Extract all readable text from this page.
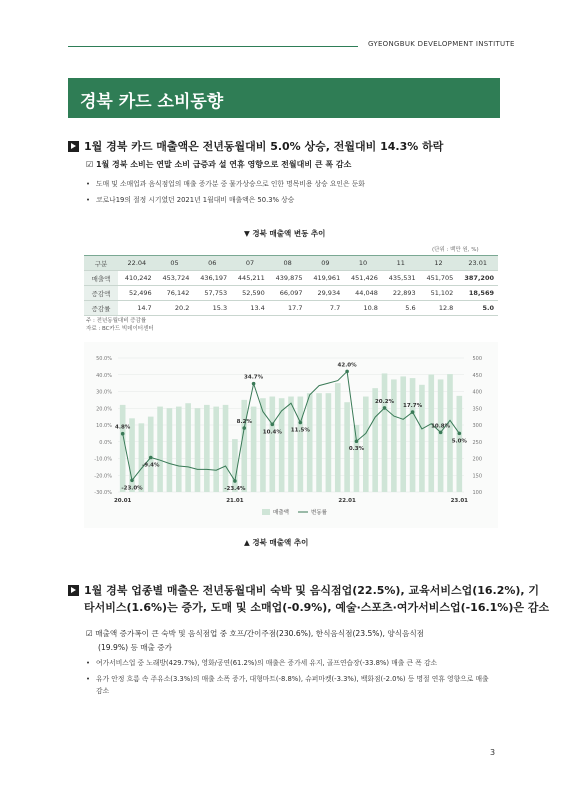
GYEONGBUK DEVELOPMENT INSTITUTE
경북 카드 소비동향
1월 경북 카드 매출액은 전년동월대비 5.0% 상승, 전월대비 14.3% 하락
☑ 1월 경북 소비는 연말 소비 급증과 설 연휴 영향으로 전월대비 큰 폭 감소
• 도매 및 소매업과 음식점업의 매출 증가분 중 물가상승으로 인한 명목비용 상승 요인은 둔화
• 코로나19의 절정 시기였던 2021년 1월대비 매출액은 50.3% 상승
▼ 경북 매출액 변동 추이
(단위 : 백만 원, %)
구분	22.04	05	06	07	08	09	10	11	12	23.01
매출액	410,242	453,724	436,197	445,211	439,875	419,961	451,426	435,531	451,705	387,200
증감액	52,496	76,142	57,753	52,590	66,097	29,934	44,048	22,893	51,102	18,569
증감률	14.7	20.2	15.3	13.4	17.7	7.7	10.8	5.6	12.8	5.0
주 : 전년동월대비 증감률
자료 : BC카드 빅데이터센터
50.0%
40.0%
30.0%
20.0%
10.0%
0.0%
-10.0%
-20.0%
-30.0%
500
450
400
350
300
250
200
150
100
4.8%
-23.0%
-9.4%
-23.4%
8.2%
34.7%
10.4% 11.5%
42.0%
0.3%
20.2%
17.7%
10.8%
5.0%
20.01	21.01	22.01	23.01
매출액	변동률
▲ 경북 매출액 추이
1월 경북 업종별 매출은 전년동월대비 숙박 및 음식점업(22.5%), 교육서비스업(16.2%), 기
타서비스(1.6%)는 증가, 도매 및 소매업(-0.9%), 예술·스포츠·여가서비스업(-16.1%)은 감소
☑ 매출액 증가폭이 큰 숙박 및 음식점업 중 호프/간이주점(230.6%), 한식음식점(23.5%), 양식음식점
(19.9%) 등 매출 증가
• 여가서비스업 중 노래방(429.7%), 영화/공연(61.2%)의 매출은 증가세 유지, 골프연습장(-33.8%) 매출 큰 폭 감소
• 유가 안정 흐름 속 주유소(3.3%)의 매출 소폭 증가, 대형마트(-8.8%), 슈퍼마켓(-3.3%), 백화점(-2.0%) 등 명절 연휴 영향으로 매출 감소
3
